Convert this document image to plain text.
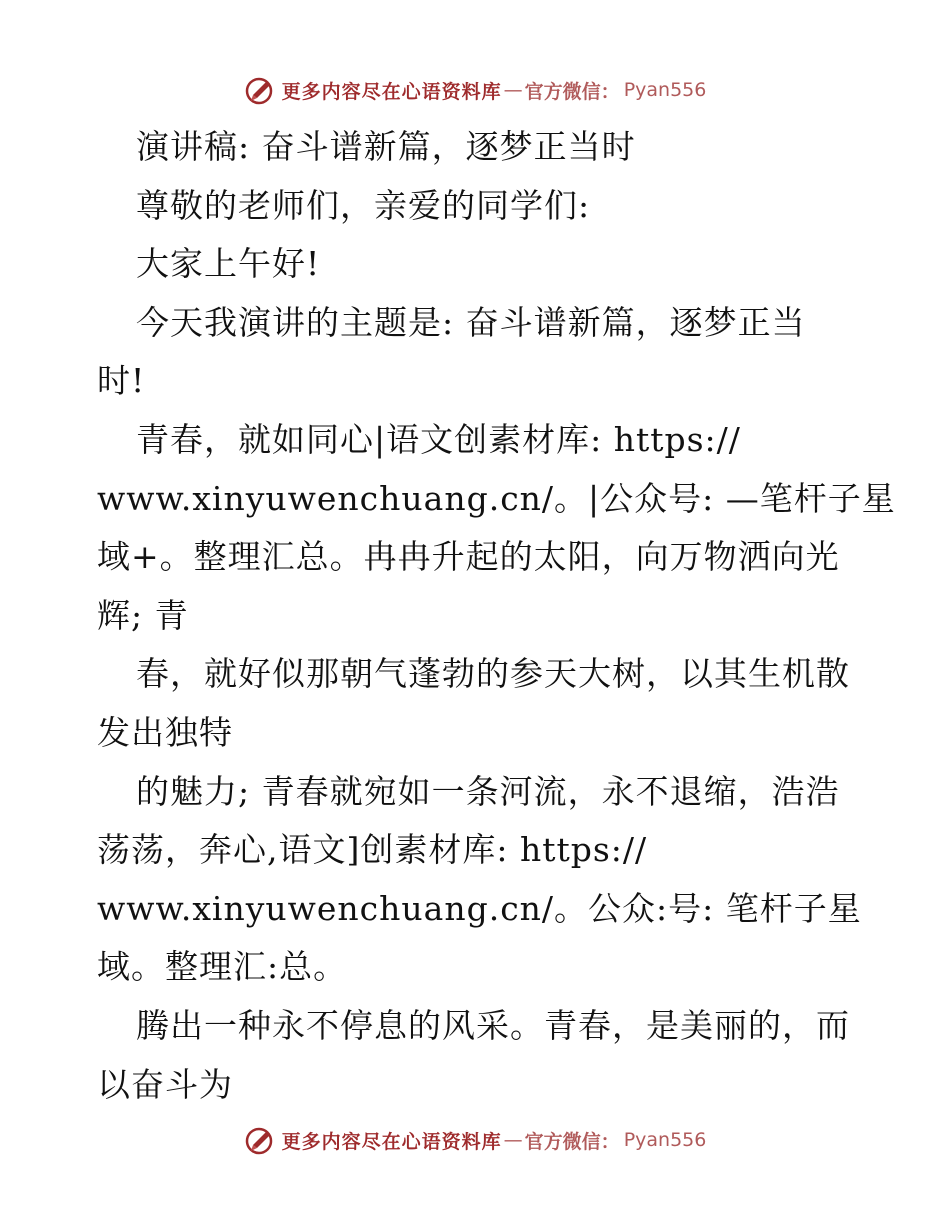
更多内容尽在心语资料库 — 官方微信： Pyan556
演讲稿: 奋斗谱新篇，逐梦正当时
尊敬的老师们，亲爱的同学们:
大家上午好!
今天我演讲的主题是: 奋斗谱新篇，逐梦正当
时!
青春，就如同心|语文创素材库: https://
www.xinyuwenchuang.cn/。|公众号: —笔杆子星
域+。整理汇总。冉冉升起的太阳，向万物洒向光
辉; 青
春，就好似那朝气蓬勃的参天大树，以其生机散
发出独特
的魅力; 青春就宛如一条河流，永不退缩，浩浩
荡荡，奔心,语文]创素材库: https://
www.xinyuwenchuang.cn/。公众:号: 笔杆子星
域。整理汇:总。
腾出一种永不停息的风采。青春，是美丽的，而
以奋斗为
更多内容尽在心语资料库 — 官方微信： Pyan556
